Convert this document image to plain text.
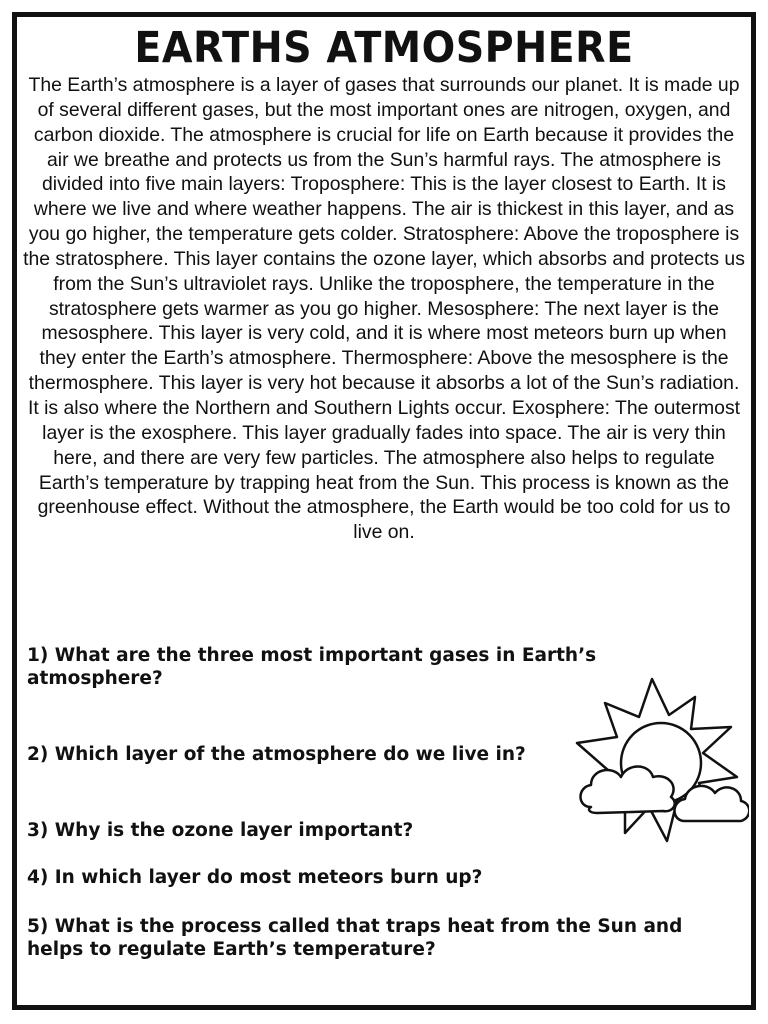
EARTHS ATMOSPHERE

The Earth’s atmosphere is a layer of gases that surrounds our planet. It is made up of several different gases, but the most important ones are nitrogen, oxygen, and carbon dioxide. The atmosphere is crucial for life on Earth because it provides the air we breathe and protects us from the Sun’s harmful rays. The atmosphere is divided into five main layers: Troposphere: This is the layer closest to Earth. It is where we live and where weather happens. The air is thickest in this layer, and as you go higher, the temperature gets colder. Stratosphere: Above the troposphere is the stratosphere. This layer contains the ozone layer, which absorbs and protects us from the Sun’s ultraviolet rays. Unlike the troposphere, the temperature in the stratosphere gets warmer as you go higher. Mesosphere: The next layer is the mesosphere. This layer is very cold, and it is where most meteors burn up when they enter the Earth’s atmosphere. Thermosphere: Above the mesosphere is the thermosphere. This layer is very hot because it absorbs a lot of the Sun’s radiation. It is also where the Northern and Southern Lights occur. Exosphere: The outermost layer is the exosphere. This layer gradually fades into space. The air is very thin here, and there are very few particles. The atmosphere also helps to regulate Earth’s temperature by trapping heat from the Sun. This process is known as the greenhouse effect. Without the atmosphere, the Earth would be too cold for us to live on.

1) What are the three most important gases in Earth’s atmosphere?

2) Which layer of the atmosphere do we live in?

3) Why is the ozone layer important?

4) In which layer do most meteors burn up?

5) What is the process called that traps heat from the Sun and helps to regulate Earth’s temperature?
